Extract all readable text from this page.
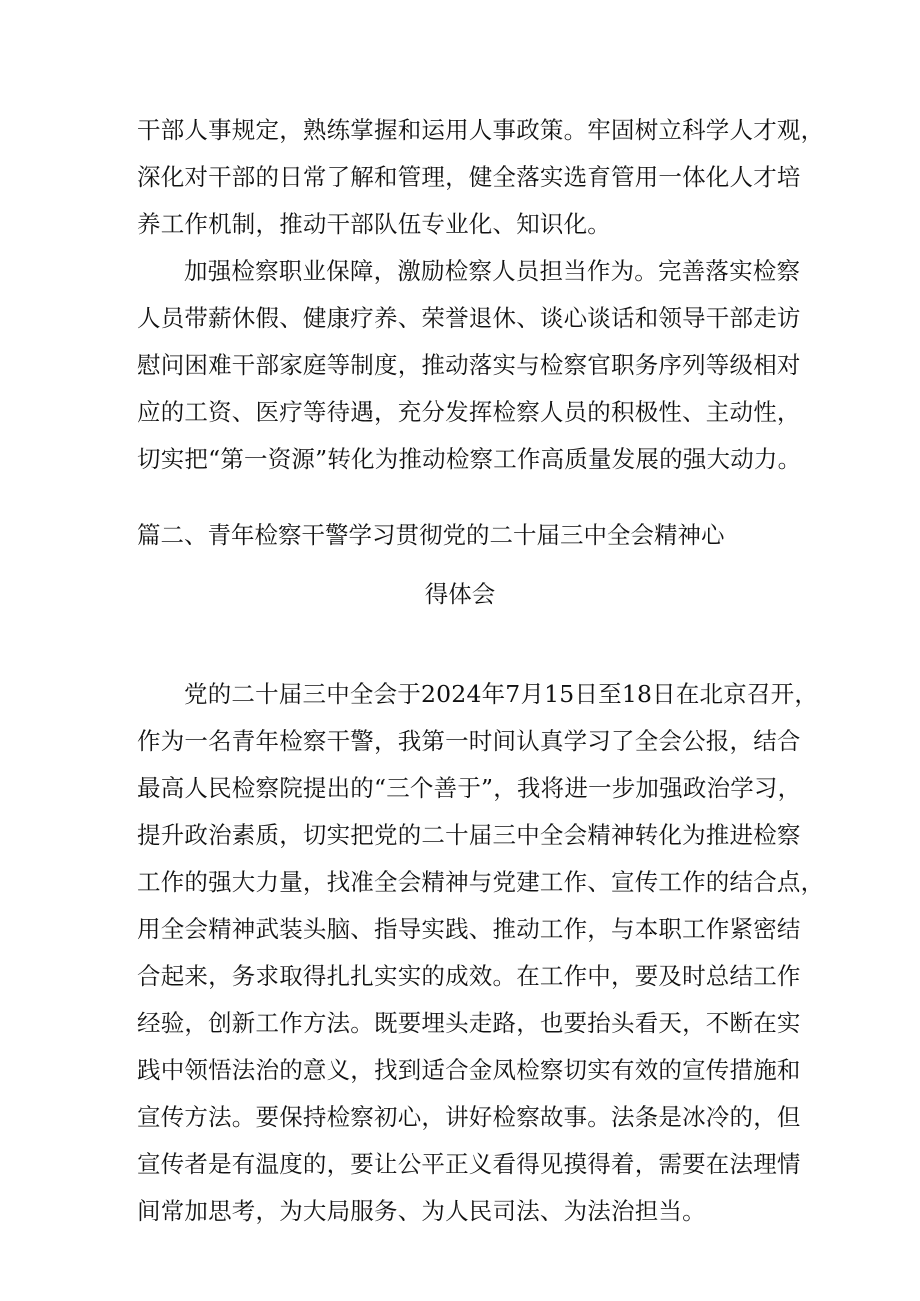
干部人事规定，熟练掌握和运用人事政策。牢固树立科学人才观，
深化对干部的日常了解和管理，健全落实选育管用一体化人才培
养工作机制，推动干部队伍专业化、知识化。
加强检察职业保障，激励检察人员担当作为。完善落实检察
人员带薪休假、健康疗养、荣誉退休、谈心谈话和领导干部走访
慰问困难干部家庭等制度，推动落实与检察官职务序列等级相对
应的工资、医疗等待遇，充分发挥检察人员的积极性、主动性，
切实把“第一资源”转化为推动检察工作高质量发展的强大动力。
篇二、青年检察干警学习贯彻党的二十届三中全会精神心
得体会
党的二十届三中全会于2024年7月15日至18日在北京召开，
作为一名青年检察干警，我第一时间认真学习了全会公报，结合
最高人民检察院提出的“三个善于”，我将进一步加强政治学习，
提升政治素质，切实把党的二十届三中全会精神转化为推进检察
工作的强大力量，找准全会精神与党建工作、宣传工作的结合点，
用全会精神武装头脑、指导实践、推动工作，与本职工作紧密结
合起来，务求取得扎扎实实的成效。在工作中，要及时总结工作
经验，创新工作方法。既要埋头走路，也要抬头看天，不断在实
践中领悟法治的意义，找到适合金凤检察切实有效的宣传措施和
宣传方法。要保持检察初心，讲好检察故事。法条是冰冷的，但
宣传者是有温度的，要让公平正义看得见摸得着，需要在法理情
间常加思考，为大局服务、为人民司法、为法治担当。
